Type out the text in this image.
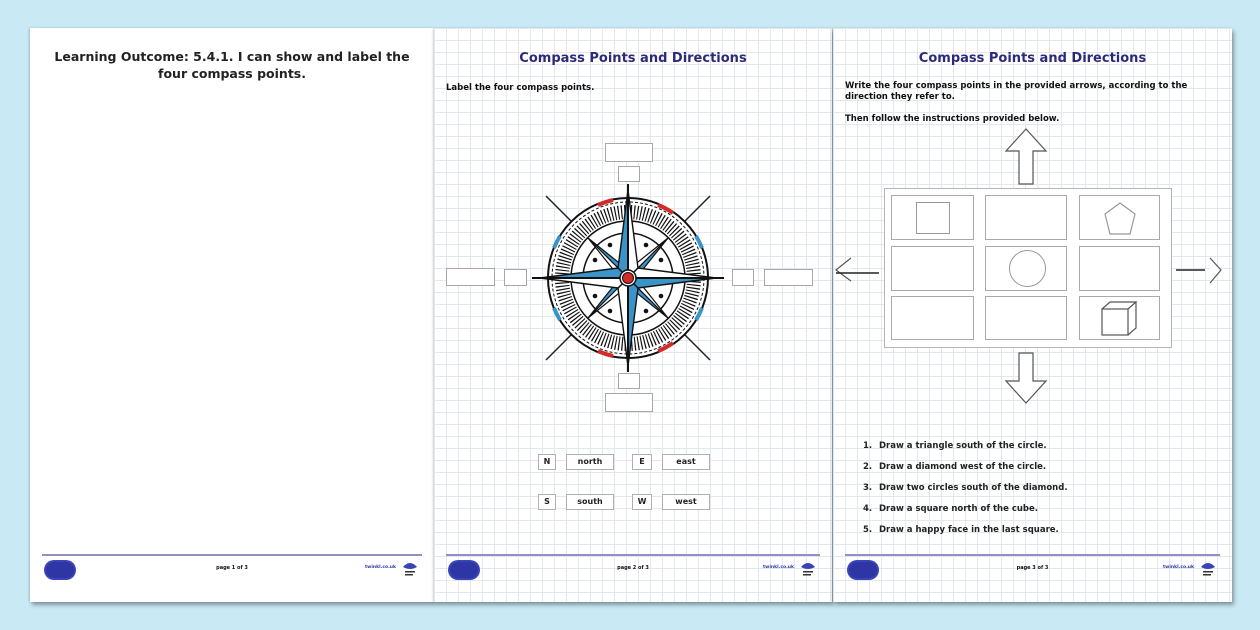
Learning Outcome: 5.4.1. I can show and label the four compass points.
page 1 of 3	twinkl.co.uk
Compass Points and Directions
Label the four compass points.
N	north	E	east
S	south	W	west
page 2 of 3	twinkl.co.uk
Compass Points and Directions
Write the four compass points in the provided arrows, according to the direction they refer to.
Then follow the instructions provided below.
1. Draw a triangle south of the circle.
2. Draw a diamond west of the circle.
3. Draw two circles south of the diamond.
4. Draw a square north of the cube.
5. Draw a happy face in the last square.
page 3 of 3	twinkl.co.uk
